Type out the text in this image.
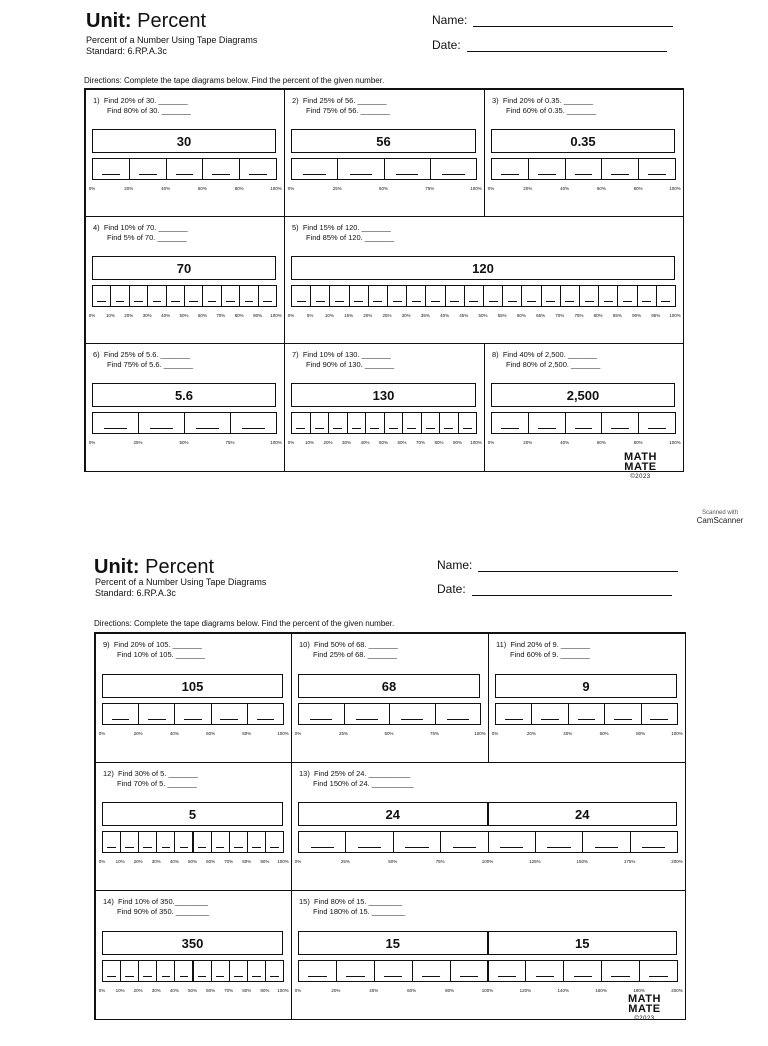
Unit: Percent
Percent of a Number Using Tape Diagrams
Standard: 6.RP.A.3c
Name:
Date:
Directions: Complete the tape diagrams below. Find the percent of the given number.
MATH
MATE
©2023
1)  Find 20% of 30. _______
Find 80% of 30. _______
30
0%	20%	40%	60%	80%	100%
2)  Find 25% of 56. _______
Find 75% of 56. _______
56
0%	25%	50%	75%	100%
3)  Find 20% of 0.35. _______
Find 60% of 0.35. _______
0.35
0%	20%	40%	60%	80%	100%
4)  Find 10% of 70. _______
Find 5% of 70. _______
70
0% 10% 20% 30% 40% 50% 60% 70% 80% 90% 100%
5)  Find 15% of 120. _______
Find 85% of 120. _______
120
0%	5%	10% 15% 20% 25% 30% 35% 40% 45% 50% 55% 60% 65% 70% 75% 80% 85% 90% 95% 100%
6)  Find 25% of 5.6. _______
Find 75% of 5.6. _______
5.6
0%	25%	50%	75%	100%
7)  Find 10% of 130. _______
Find 90% of 130. _______
130
0% 10% 20% 30% 40% 50% 60% 70% 80% 90% 100%
8)  Find 40% of 2,500. _______
Find 80% of 2,500. _______
2,500
0%	20%	40%	60%	80%	100%
Scanned with
CamScanner
Unit: Percent
Percent of a Number Using Tape Diagrams
Standard: 6.RP.A.3c
Name:
Date:
Directions: Complete the tape diagrams below. Find the percent of the given number.
MATH
MATE
©2023
9)  Find 20% of 105. _______
Find 10% of 105. _______
105
0%	20%	40%	60%	80%	100%
10)  Find 50% of 68. _______
Find 25% of 68. _______
68
0%	25%	50%	75%	100%
11)  Find 20% of 9. _______
Find 60% of 9. _______
9
0%	20%	40%	60%	80%	100%
12)  Find 30% of 5. _______
Find 70% of 5. _______
5
0% 10% 20% 30% 40% 50% 60% 70% 80% 90% 100%
13)  Find 25% of 24. __________
Find 150% of 24. __________
24	24
0%	25%	50%	75%	100%	125%	150%	175%	200%
14)  Find 10% of 350.________
Find 90% of 350. ________
350
0% 10% 20% 30% 40% 50% 60% 70% 80% 90% 100%
15)  Find 80% of 15. ________
Find 180% of 15. ________
15	15
0%	20%	40%	60%	80%	100%	120%	140%	160%	180%	200%
